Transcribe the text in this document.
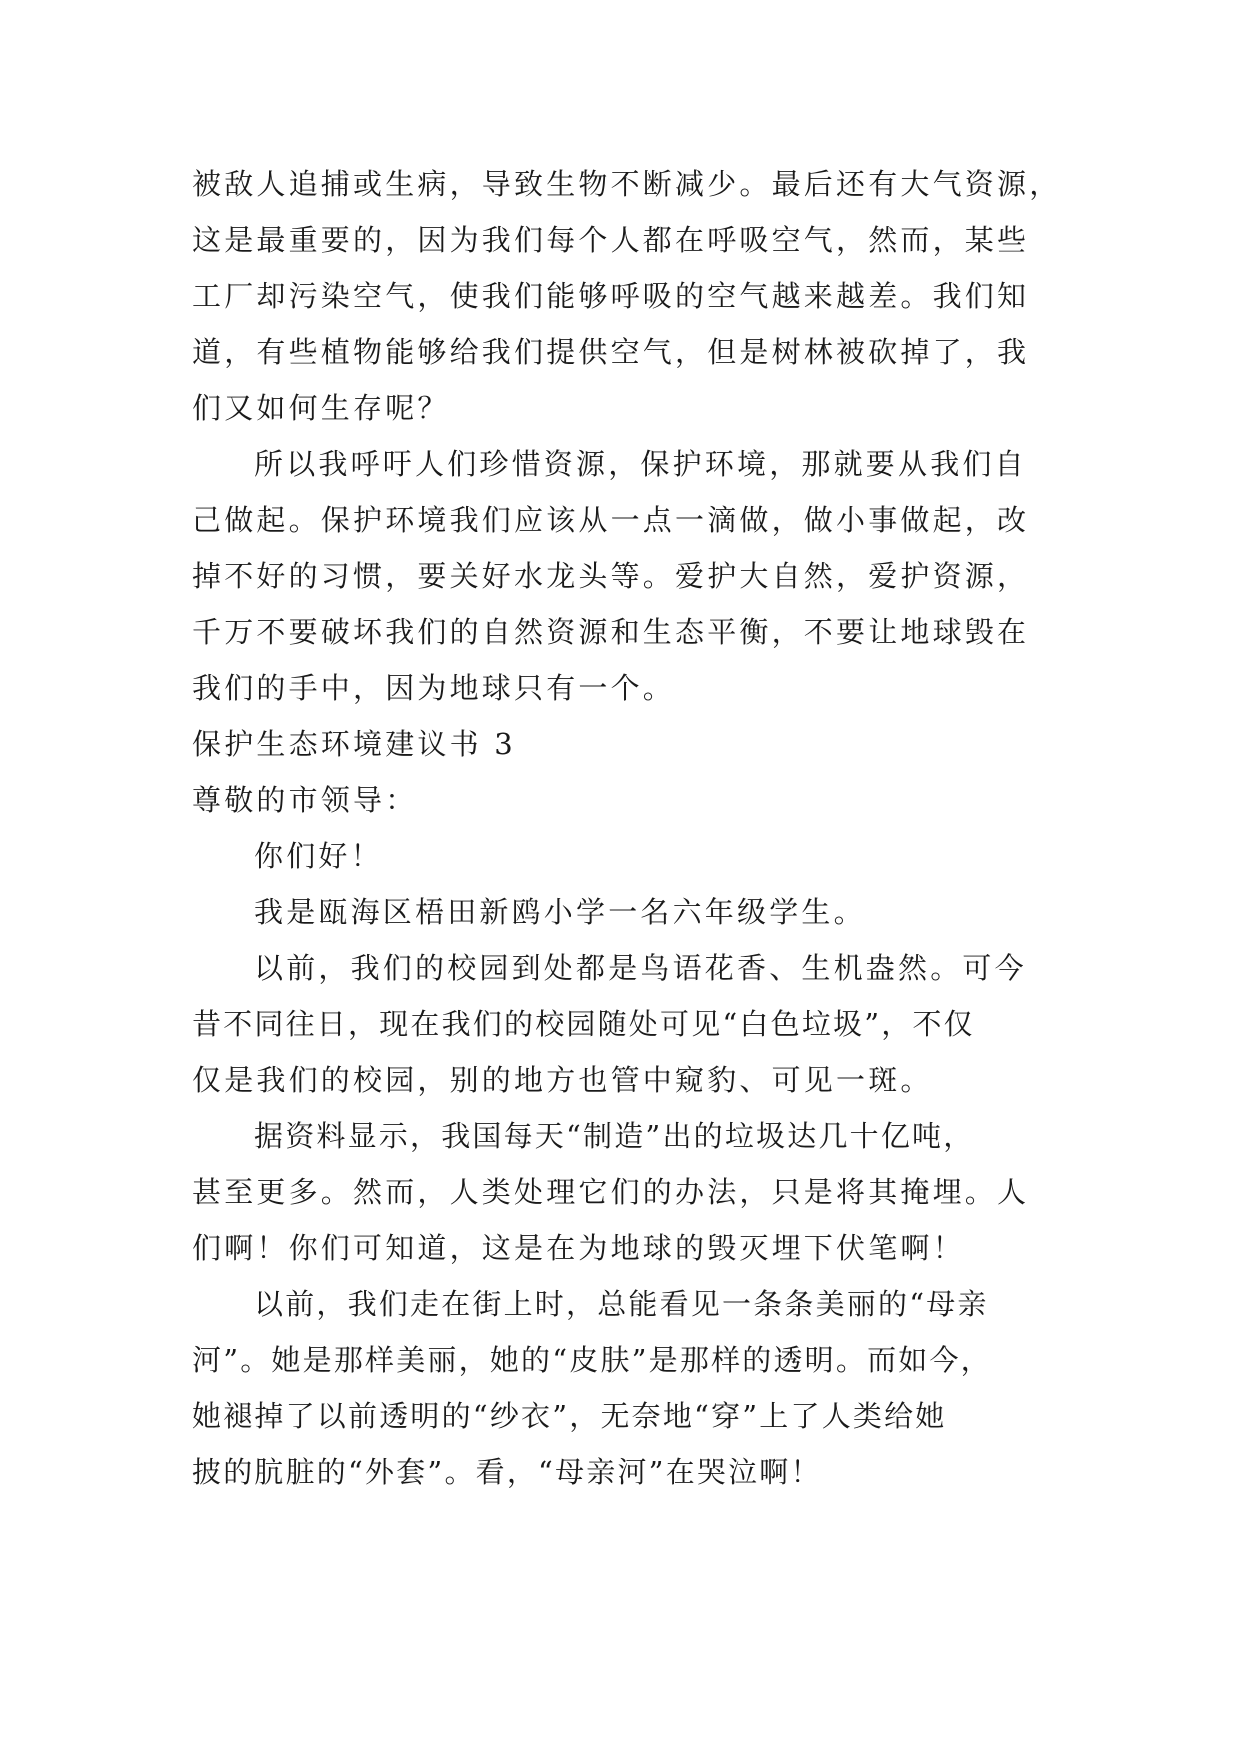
被敌人追捕或生病，导致生物不断减少。最后还有大气资源，
这是最重要的，因为我们每个人都在呼吸空气，然而，某些
工厂却污染空气，使我们能够呼吸的空气越来越差。我们知
道，有些植物能够给我们提供空气，但是树林被砍掉了，我
们又如何生存呢？
所以我呼吁人们珍惜资源，保护环境，那就要从我们自
己做起。保护环境我们应该从一点一滴做，做小事做起，改
掉不好的习惯，要关好水龙头等。爱护大自然，爱护资源，
千万不要破坏我们的自然资源和生态平衡，不要让地球毁在
我们的手中，因为地球只有一个。
保护生态环境建议书 3
尊敬的市领导：
你们好！
我是瓯海区梧田新鸥小学一名六年级学生。
以前，我们的校园到处都是鸟语花香、生机盎然。可今
昔不同往日，现在我们的校园随处可见“白色垃圾”，不仅
仅是我们的校园，别的地方也管中窥豹、可见一斑。
据资料显示，我国每天“制造”出的垃圾达几十亿吨，
甚至更多。然而，人类处理它们的办法，只是将其掩埋。人
们啊！你们可知道，这是在为地球的毁灭埋下伏笔啊！
以前，我们走在街上时，总能看见一条条美丽的“母亲
河”。她是那样美丽，她的“皮肤”是那样的透明。而如今，
她褪掉了以前透明的“纱衣”，无奈地“穿”上了人类给她
披的肮脏的“外套”。看，“母亲河”在哭泣啊！
